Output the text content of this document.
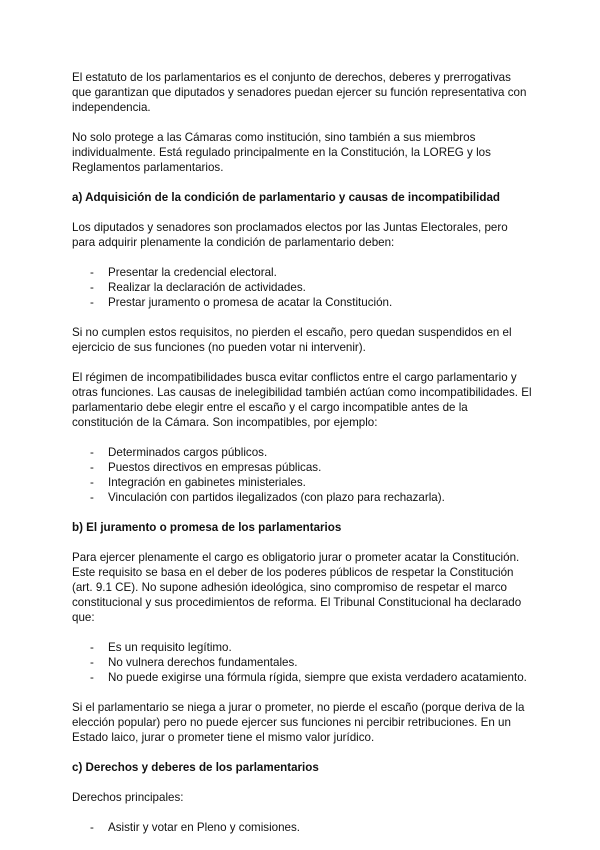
El estatuto de los parlamentarios es el conjunto de derechos, deberes y prerrogativas que garantizan que diputados y senadores puedan ejercer su función representativa con independencia.

No solo protege a las Cámaras como institución, sino también a sus miembros individualmente. Está regulado principalmente en la Constitución, la LOREG y los Reglamentos parlamentarios.

a) Adquisición de la condición de parlamentario y causas de incompatibilidad

Los diputados y senadores son proclamados electos por las Juntas Electorales, pero para adquirir plenamente la condición de parlamentario deben:

- Presentar la credencial electoral.
- Realizar la declaración de actividades.
- Prestar juramento o promesa de acatar la Constitución.

Si no cumplen estos requisitos, no pierden el escaño, pero quedan suspendidos en el ejercicio de sus funciones (no pueden votar ni intervenir).

El régimen de incompatibilidades busca evitar conflictos entre el cargo parlamentario y otras funciones. Las causas de inelegibilidad también actúan como incompatibilidades. El parlamentario debe elegir entre el escaño y el cargo incompatible antes de la constitución de la Cámara. Son incompatibles, por ejemplo:

- Determinados cargos públicos.
- Puestos directivos en empresas públicas.
- Integración en gabinetes ministeriales.
- Vinculación con partidos ilegalizados (con plazo para rechazarla).
b) El juramento o promesa de los parlamentarios

Para ejercer plenamente el cargo es obligatorio jurar o prometer acatar la Constitución. Este requisito se basa en el deber de los poderes públicos de respetar la Constitución (art. 9.1 CE). No supone adhesión ideológica, sino compromiso de respetar el marco constitucional y sus procedimientos de reforma. El Tribunal Constitucional ha declarado que:

- Es un requisito legítimo.
- No vulnera derechos fundamentales.
- No puede exigirse una fórmula rígida, siempre que exista verdadero acatamiento.

Si el parlamentario se niega a jurar o prometer, no pierde el escaño (porque deriva de la elección popular) pero no puede ejercer sus funciones ni percibir retribuciones. En un Estado laico, jurar o prometer tiene el mismo valor jurídico.

c) Derechos y deberes de los parlamentarios

Derechos principales:

- Asistir y votar en Pleno y comisiones.
